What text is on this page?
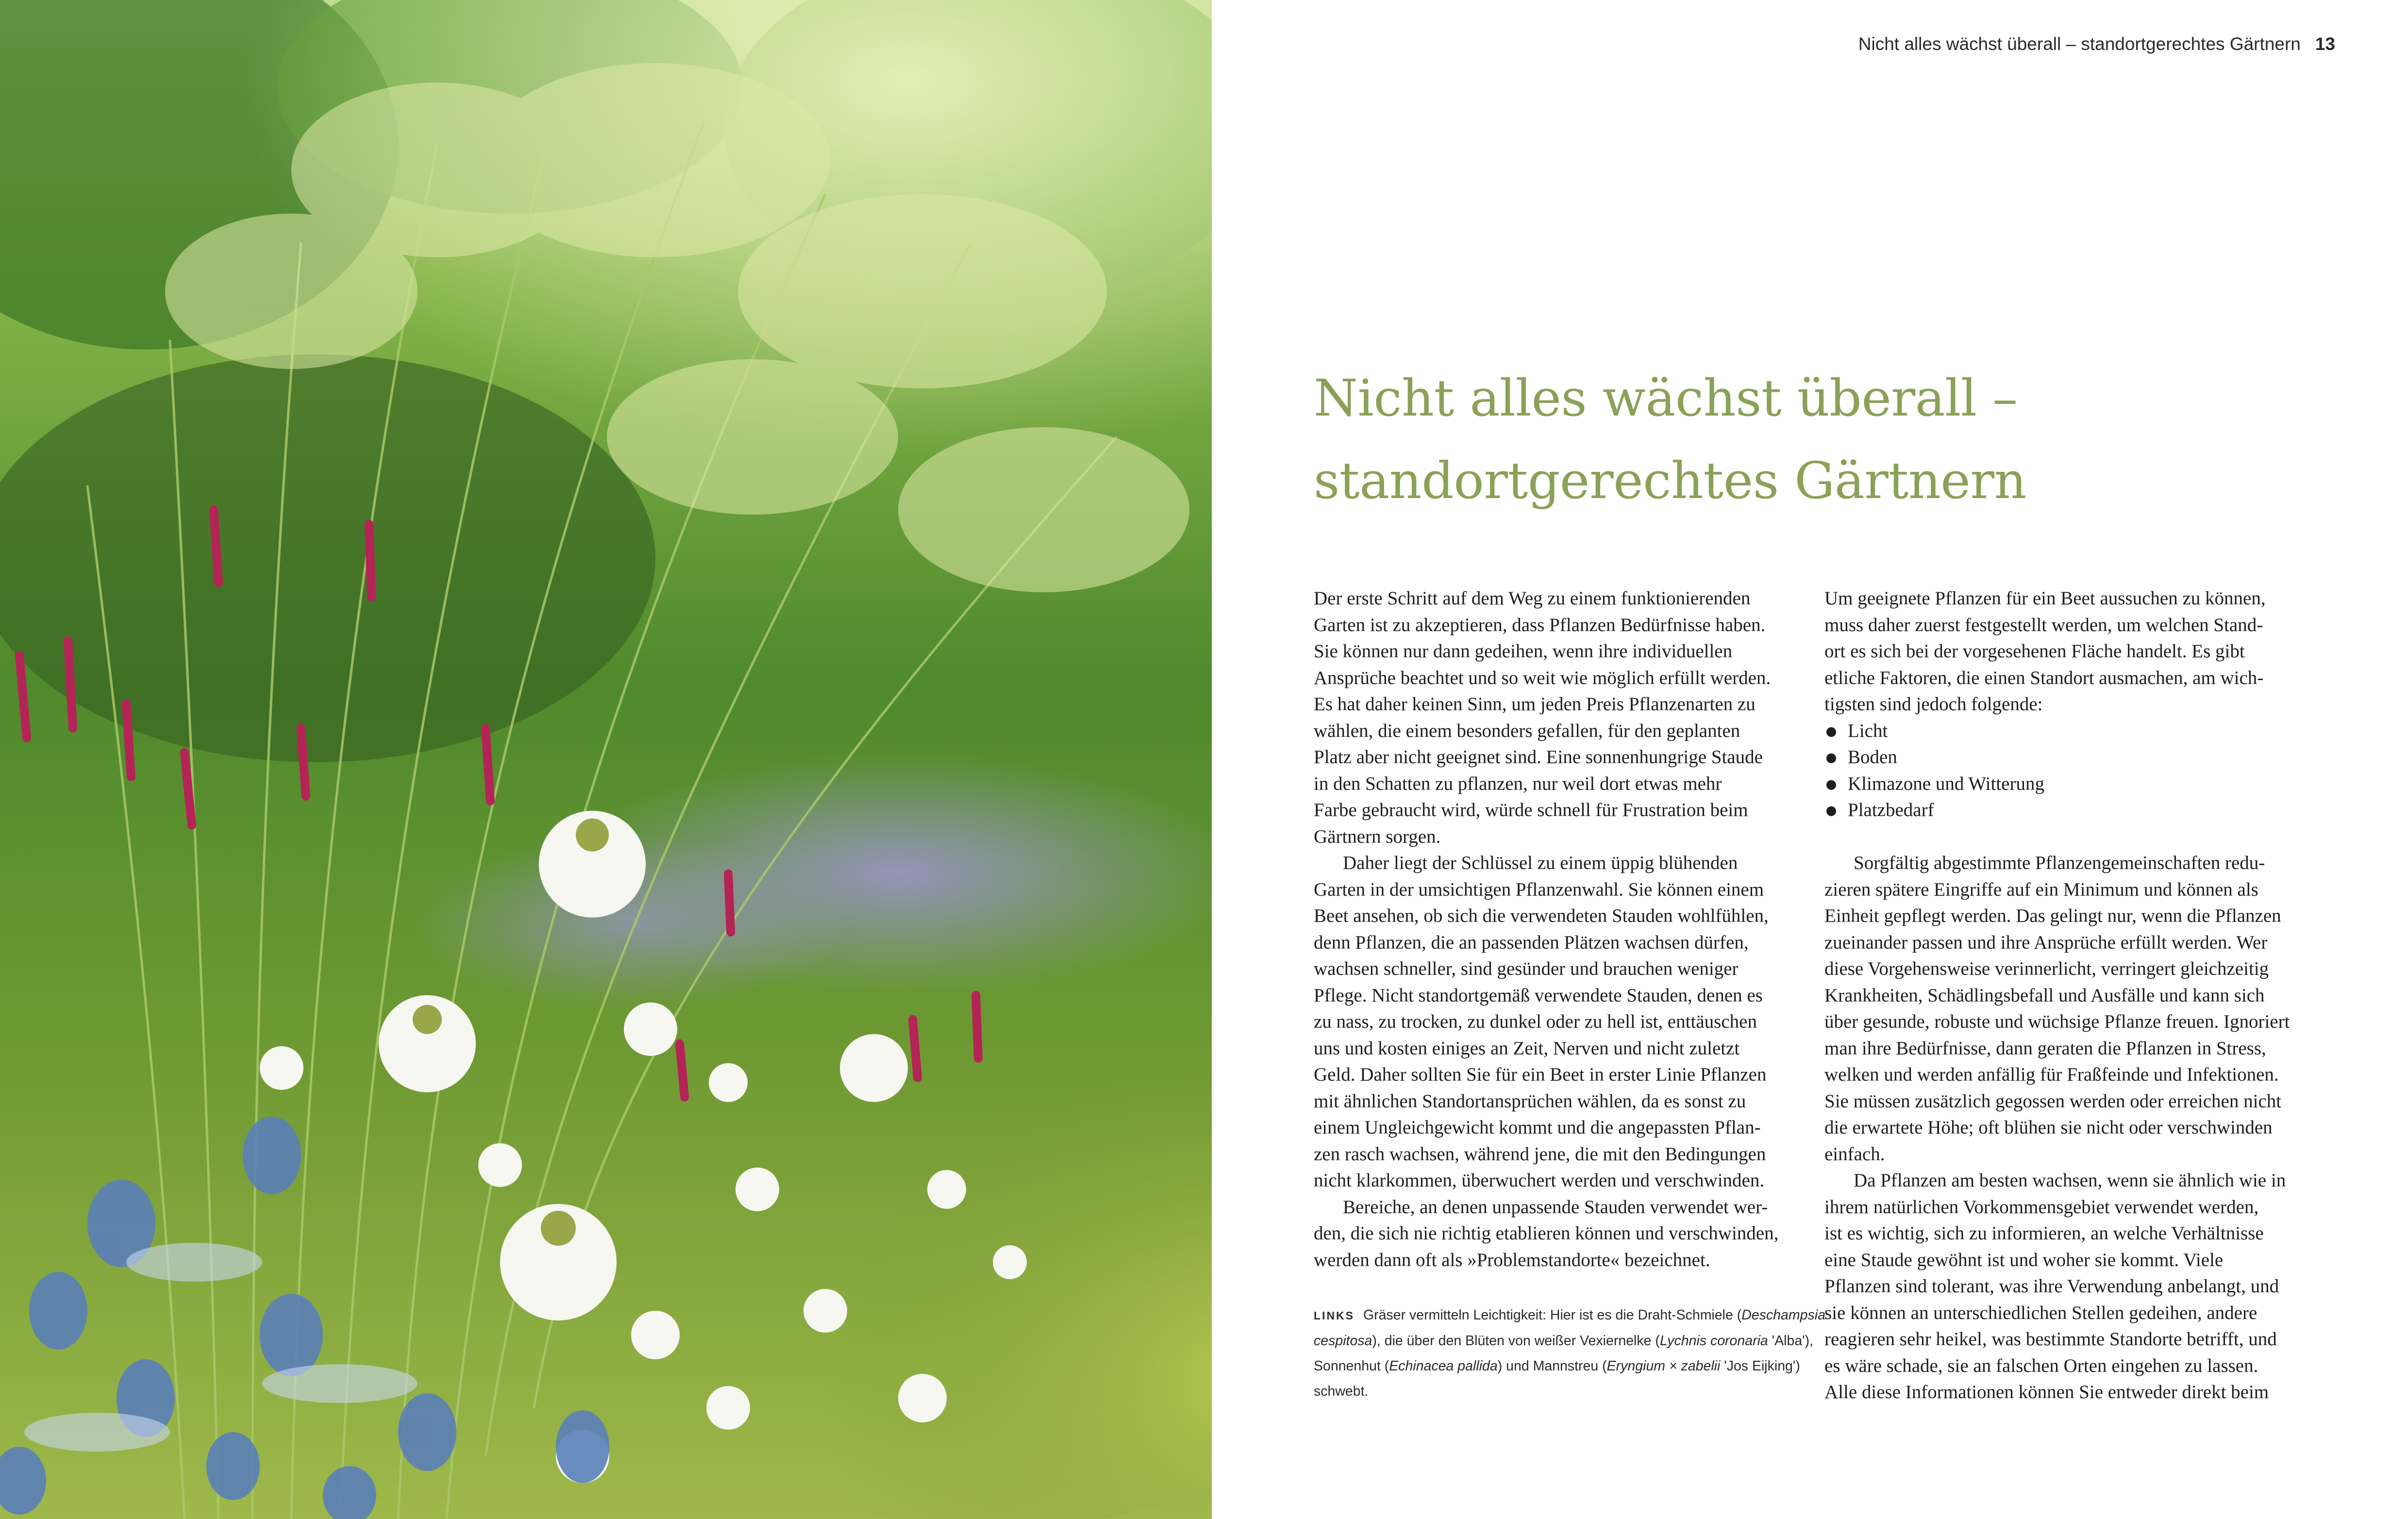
Nicht alles wächst überall – standortgerechtes Gärtnern 13
Nicht alles wächst überall –
standortgerechtes Gärtnern

Der erste Schritt auf dem Weg zu einem funktionierenden
Garten ist zu akzeptieren, dass Pflanzen Bedürfnisse haben.
Sie können nur dann gedeihen, wenn ihre individuellen
Ansprüche beachtet und so weit wie möglich erfüllt werden.
Es hat daher keinen Sinn, um jeden Preis Pflanzenarten zu
wählen, die einem besonders gefallen, für den geplanten
Platz aber nicht geeignet sind. Eine sonnenhungrige Staude
in den Schatten zu pflanzen, nur weil dort etwas mehr
Farbe gebraucht wird, würde schnell für Frustration beim
Gärtnern sorgen.

Daher liegt der Schlüssel zu einem üppig blühenden
Garten in der umsichtigen Pflanzenwahl. Sie können einem
Beet ansehen, ob sich die verwendeten Stauden wohlfühlen,
denn Pflanzen, die an passenden Plätzen wachsen dürfen,
wachsen schneller, sind gesünder und brauchen weniger
Pflege. Nicht standortgemäß verwendete Stauden, denen es
zu nass, zu trocken, zu dunkel oder zu hell ist, enttäuschen
uns und kosten einiges an Zeit, Nerven und nicht zuletzt
Geld. Daher sollten Sie für ein Beet in erster Linie Pflanzen
mit ähnlichen Standortansprüchen wählen, da es sonst zu
einem Ungleichgewicht kommt und die angepassten Pflan-
zen rasch wachsen, während jene, die mit den Bedingungen
nicht klarkommen, überwuchert werden und verschwinden.

Bereiche, an denen unpassende Stauden verwendet wer-
den, die sich nie richtig etablieren können und verschwinden,
werden dann oft als »Problemstandorte« bezeichnet.

LINKS Gräser vermitteln Leichtigkeit: Hier ist es die Draht-Schmiele (Deschampsia cespitosa), die über den Blüten von weißer Vexiernelke (Lychnis coronaria 'Alba'), Sonnenhut (Echinacea pallida) und Mannstreu (Eryngium × zabelii 'Jos Eijking') schwebt.

Um geeignete Pflanzen für ein Beet aussuchen zu können,
muss daher zuerst festgestellt werden, um welchen Stand-
ort es sich bei der vorgesehenen Fläche handelt. Es gibt
etliche Faktoren, die einen Standort ausmachen, am wich-
tigsten sind jedoch folgende:

Licht
Boden
Klimazone und Witterung
Platzbedarf

Sorgfältig abgestimmte Pflanzengemeinschaften redu-
zieren spätere Eingriffe auf ein Minimum und können als
Einheit gepflegt werden. Das gelingt nur, wenn die Pflanzen
zueinander passen und ihre Ansprüche erfüllt werden. Wer
diese Vorgehensweise verinnerlicht, verringert gleichzeitig
Krankheiten, Schädlingsbefall und Ausfälle und kann sich
über gesunde, robuste und wüchsige Pflanze freuen. Ignoriert
man ihre Bedürfnisse, dann geraten die Pflanzen in Stress,
welken und werden anfällig für Fraßfeinde und Infektionen.
Sie müssen zusätzlich gegossen werden oder erreichen nicht
die erwartete Höhe; oft blühen sie nicht oder verschwinden
einfach.

Da Pflanzen am besten wachsen, wenn sie ähnlich wie in
ihrem natürlichen Vorkommensgebiet verwendet werden,
ist es wichtig, sich zu informieren, an welche Verhältnisse
eine Staude gewöhnt ist und woher sie kommt. Viele
Pflanzen sind tolerant, was ihre Verwendung anbelangt, und
sie können an unterschiedlichen Stellen gedeihen, andere
reagieren sehr heikel, was bestimmte Standorte betrifft, und
es wäre schade, sie an falschen Orten eingehen zu lassen.
Alle diese Informationen können Sie entweder direkt beim
